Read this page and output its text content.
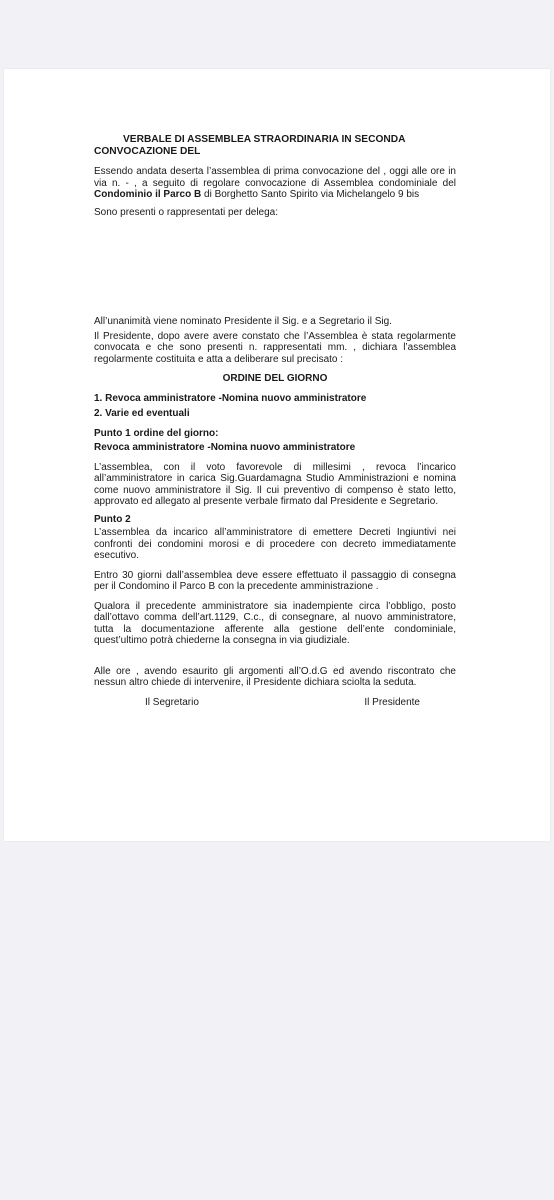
VERBALE DI ASSEMBLEA STRAORDINARIA IN SECONDA
CONVOCAZIONE DEL

Essendo andata deserta l’assemblea di prima convocazione del , oggi alle ore in via n. - , a seguito di regolare convocazione di Assemblea condominiale del Condominio il Parco B di Borghetto Santo Spirito via Michelangelo 9 bis

Sono presenti o rappresentati per delega:

All’unanimità viene nominato Presidente il Sig. e a Segretario il Sig.

Il Presidente, dopo avere avere constato che l’Assemblea è stata regolarmente convocata e che sono presenti n. rappresentati mm. , dichiara l’assemblea regolarmente costituita e atta a deliberare sul precisato :

ORDINE DEL GIORNO

1. Revoca amministratore -Nomina nuovo amministratore

2. Varie ed eventuali

Punto 1 ordine del giorno:

Revoca amministratore -Nomina nuovo amministratore

L’assemblea, con il voto favorevole di millesimi , revoca l’incarico all’amministratore in carica Sig.Guardamagna Studio Amministrazioni e nomina come nuovo amministratore il Sig. Il cui preventivo di compenso è stato letto, approvato ed allegato al presente verbale firmato dal Presidente e Segretario.

Punto 2

L’assemblea da incarico all’amministratore di emettere Decreti Ingiuntivi nei confronti dei condomini morosi e di procedere con decreto immediatamente esecutivo.

Entro 30 giorni dall’assemblea deve essere effettuato il passaggio di consegna per il Condomino il Parco B con la precedente amministrazione .

Qualora il precedente amministratore sia inadempiente circa l’obbligo, posto dall’ottavo comma dell’art.1129, C.c., di consegnare, al nuovo amministratore, tutta la documentazione afferente alla gestione dell’ente condominiale, quest’ultimo potrà chiederne la consegna in via giudiziale.

Alle ore , avendo esaurito gli argomenti all’O.d.G ed avendo riscontrato che nessun altro chiede di intervenire, il Presidente dichiara sciolta la seduta.

Il Segretario	Il Presidente
